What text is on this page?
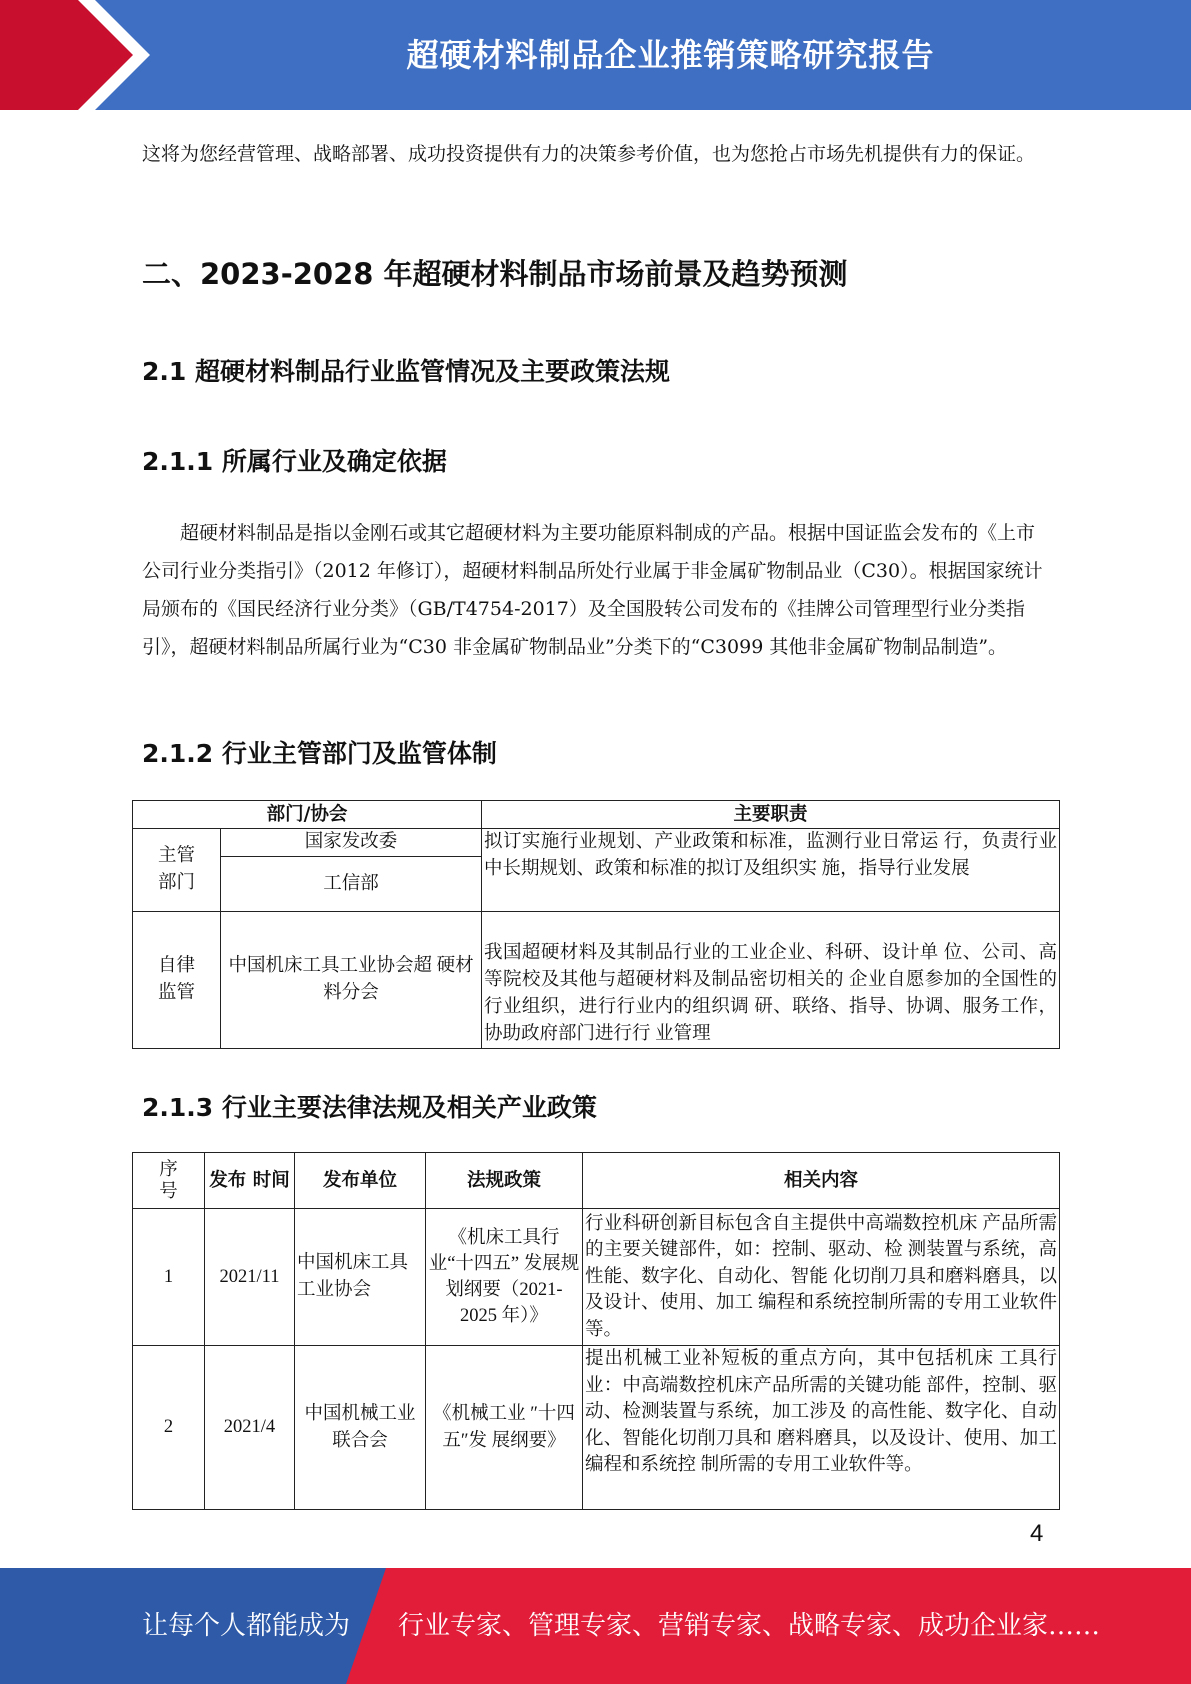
超硬材料制品企业推销策略研究报告
这将为您经营管理、战略部署、成功投资提供有力的决策参考价值，也为您抢占市场先机提供有力的保证。
二、2023-2028 年超硬材料制品市场前景及趋势预测
2.1 超硬材料制品行业监管情况及主要政策法规
2.1.1 所属行业及确定依据
超硬材料制品是指以金刚石或其它超硬材料为主要功能原料制成的产品。根据中国证监会发布的《上市公司行业分类指引》（2012 年修订），超硬材料制品所处行业属于非金属矿物制品业（C30）。根据国家统计局颁布的《国民经济行业分类》（GB/T4754-2017）及全国股转公司发布的《挂牌公司管理型行业分类指引》，超硬材料制品所属行业为“C30 非金属矿物制品业”分类下的“C3099 其他非金属矿物制品制造”。
2.1.2 行业主管部门及监管体制
部门/协会		主要职责

主管部门	国家发改委	拟订实施行业规划、产业政策和标准，监测行业日常运 行，负责行业中长期规划、政策和标准的拟订及组织实 施，指导行业发展
	工信部	

自律监管	中国机床工具工业协会超 硬材料分会	我国超硬材料及其制品行业的工业企业、科研、设计单 位、公司、高等院校及其他与超硬材料及制品密切相关的 企业自愿参加的全国性的行业组织，进行行业内的组织调 研、联络、指导、协调、服务工作，协助政府部门进行行 业管理
2.1.3 行业主要法律法规及相关产业政策
序号	发布 时间	发布单位	法规政策	相关内容
1	2021/11	中国机床工具工业协会	《机床工具行 业“十四五” 发展规划纲要（2021-2025 年）》	行业科研创新目标包含自主提供中高端数控机床 产品所需的主要关键部件，如：控制、驱动、检 测装置与系统，高性能、数字化、自动化、智能 化切削刀具和磨料磨具，以及设计、使用、加工 编程和系统控制所需的专用工业软件等。
2	2021/4	中国机械工业联合会	《机械工业 ″十四五″发 展纲要》	提出机械工业补短板的重点方向，其中包括机床 工具行业：中高端数控机床产品所需的关键功能 部件，控制、驱动、检测装置与系统，加工涉及 的高性能、数字化、自动化、智能化切削刀具和 磨料磨具，以及设计、使用、加工编程和系统控 制所需的专用工业软件等。
4
让每个人都能成为 行业专家、管理专家、营销专家、战略专家、成功企业家……
